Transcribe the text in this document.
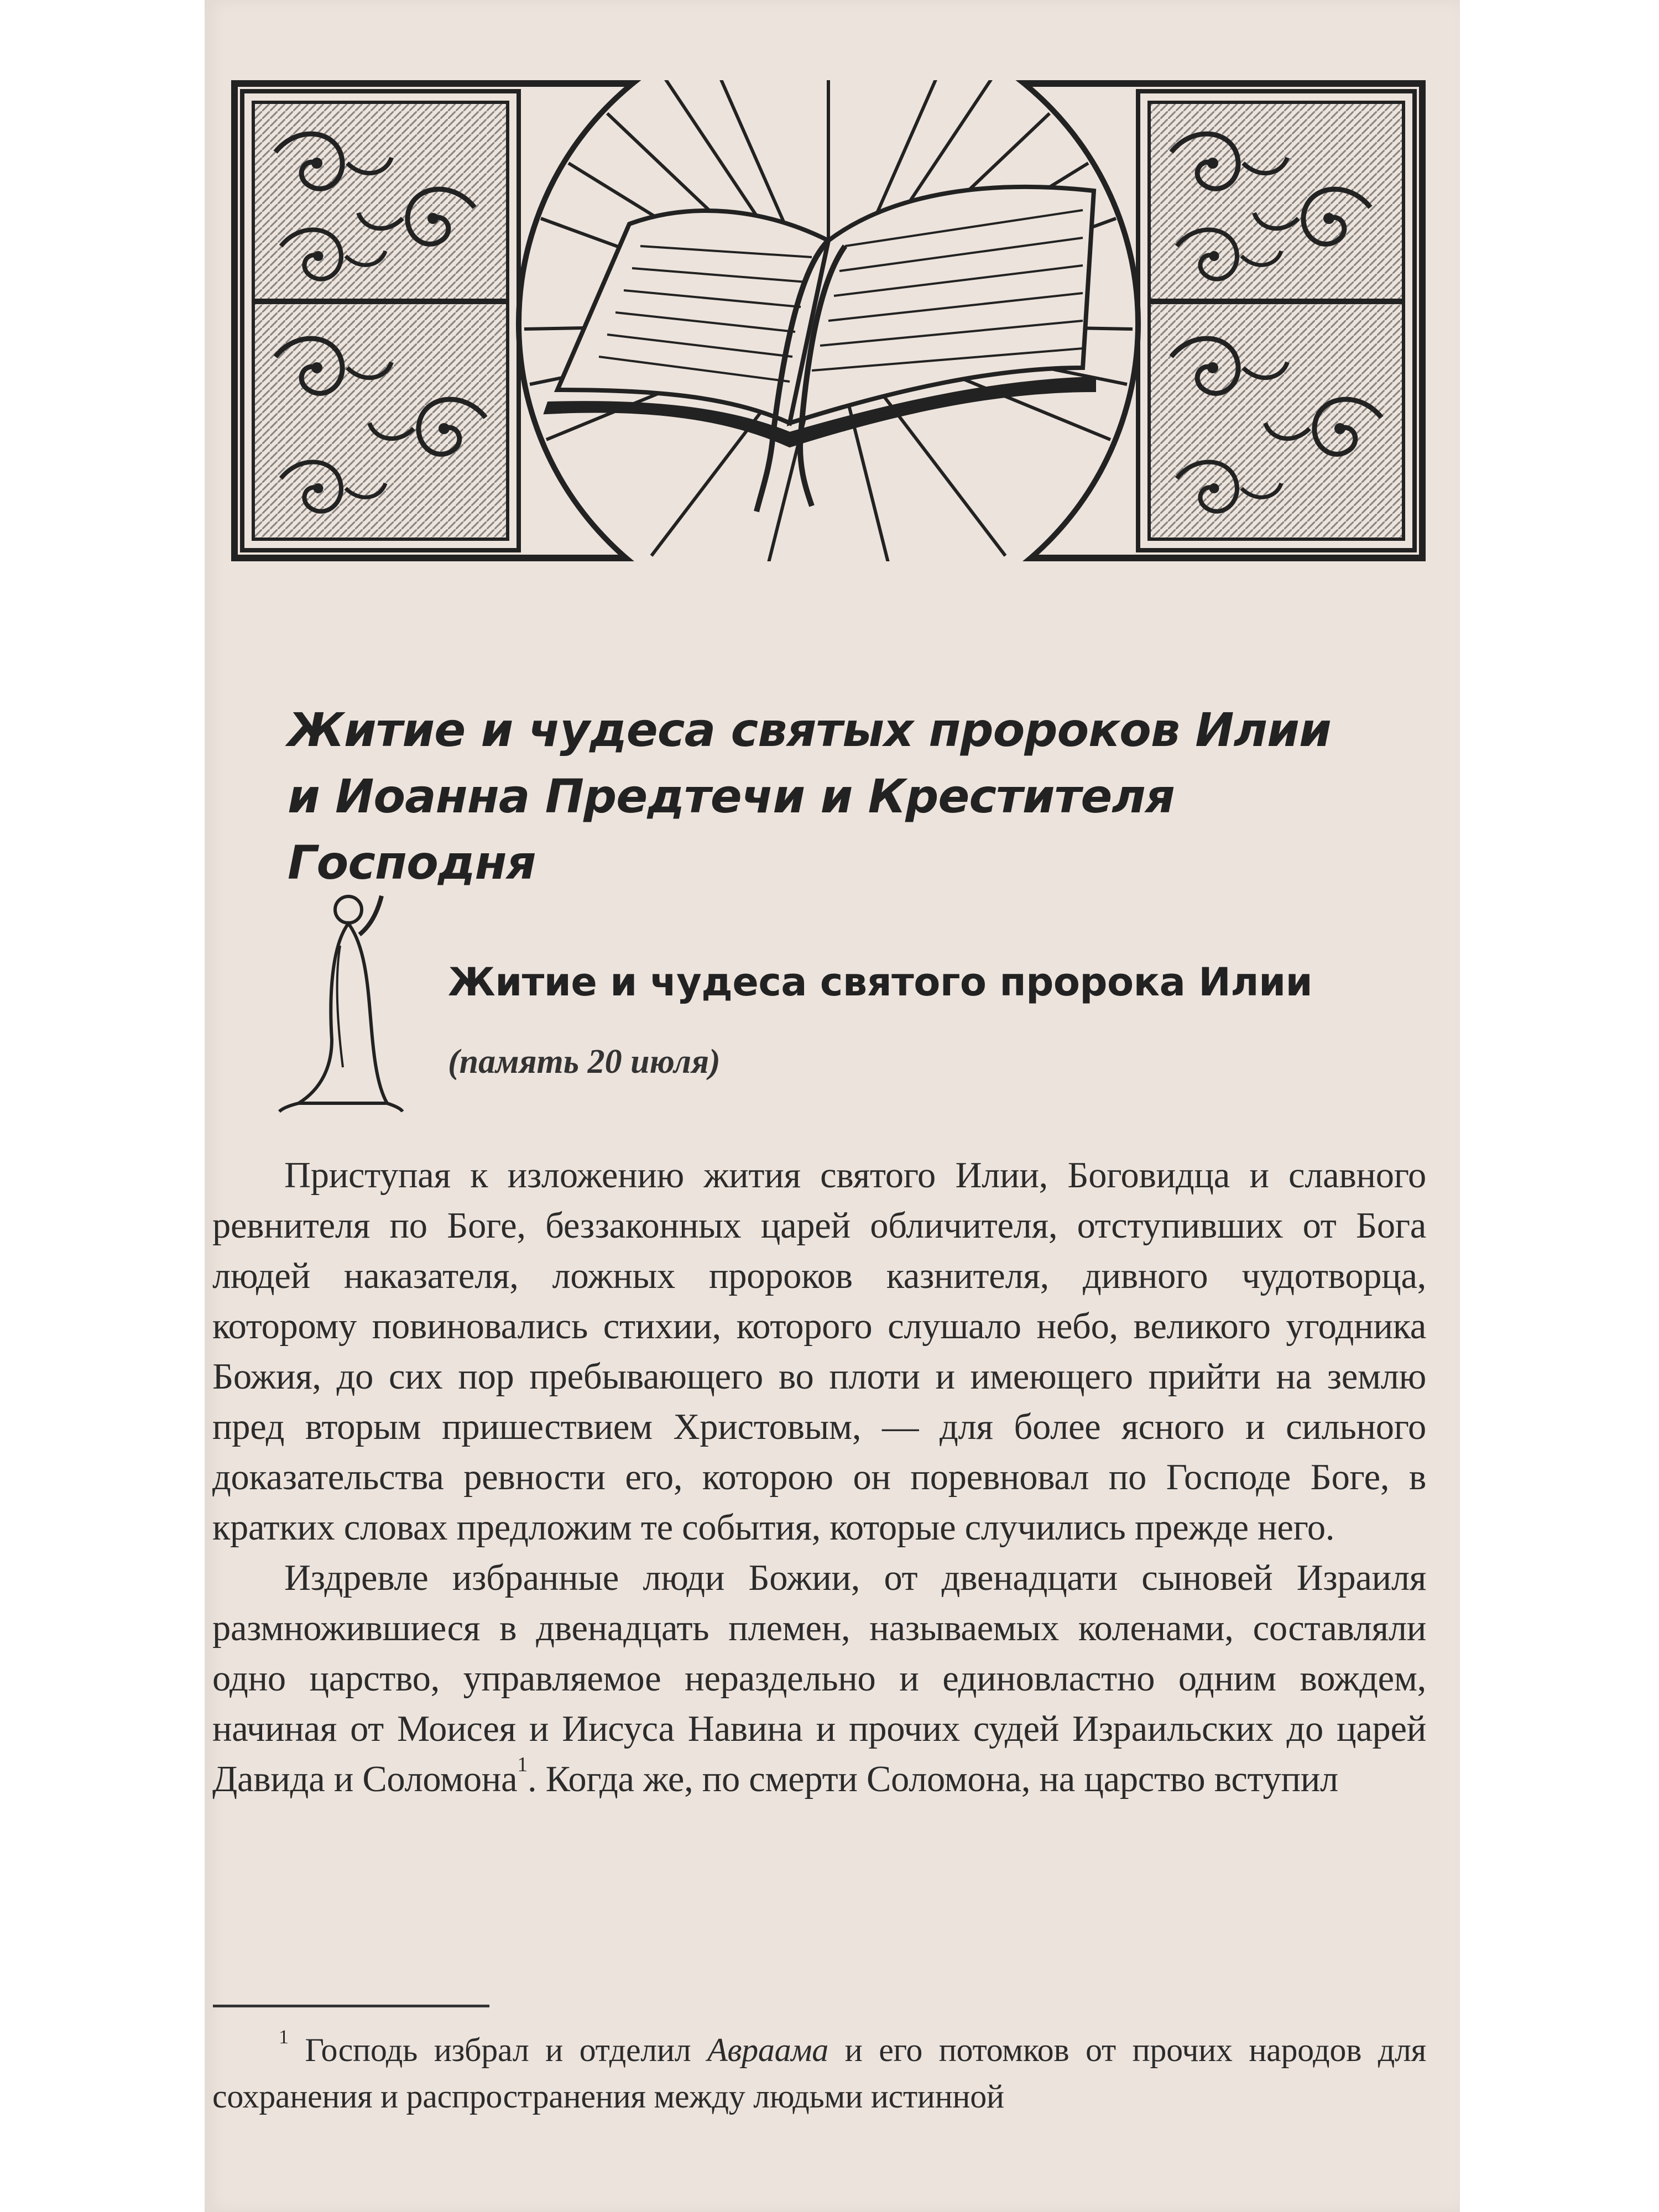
Житие и чудеса святых пророков Илии
и Иоанна Предтечи и Крестителя Господня
Житие и чудеса святого пророка Илии
(память 20 июля)

Приступая к изложению жития святого Илии, Боговидца и славного ревнителя по Боге, беззаконных царей обличителя, отступивших от Бога людей наказателя, ложных пророков казнителя, дивного чудотворца, которому повиновались стихии, которого слушало небо, великого угодника Божия, до сих пор пребывающего во плоти и имеющего прийти на землю пред вторым пришествием Христовым, — для более ясного и сильного доказательства ревности его, которою он поревновал по Господе Боге, в кратких словах предложим те события, которые случились прежде него.

Издревле избранные люди Божии, от двенадцати сыновей Израиля размножившиеся в двенадцать племен, называемых коленами, составляли одно царство, управляемое нераздельно и единовластно одним вождем, начиная от Моисея и Иисуса Навина и прочих судей Израильских до царей Давида и Соломона$^1$. Когда же, по смерти Соломона, на царство вступил

$^1$ Господь избрал и отделил Авраама и его потомков от прочих народов для сохранения и распространения между людьми истинной
